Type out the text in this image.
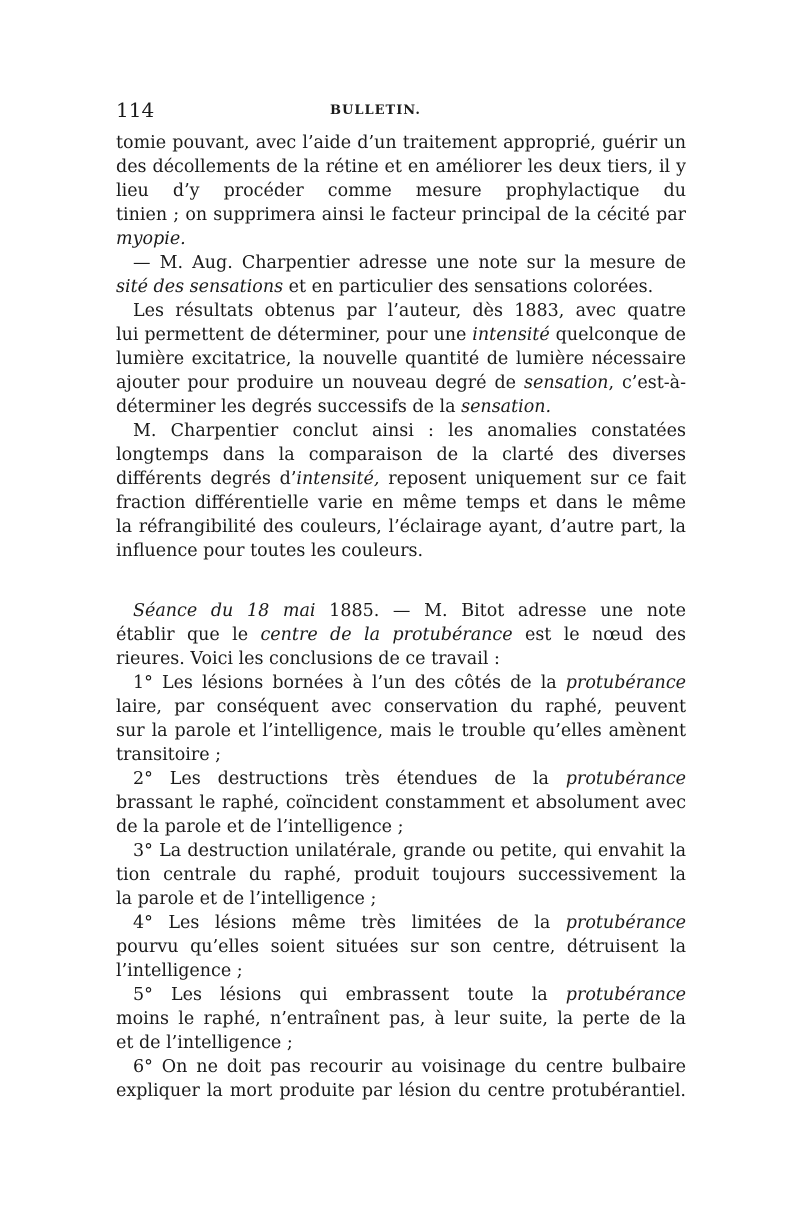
114	BULLETIN.
tomie pouvant, avec l’aide d’un traitement approprié, guérir un
des décollements de la rétine et en améliorer les deux tiers, il y
lieu d’y procéder comme mesure prophylactique du
tinien ; on supprimera ainsi le facteur principal de la cécité par
myopie.
— M. Aug. Charpentier adresse une note sur la mesure de
sité des sensations et en particulier des sensations colorées.
Les résultats obtenus par l’auteur, dès 1883, avec quatre
lui permettent de déterminer, pour une intensité quelconque de
lumière excitatrice, la nouvelle quantité de lumière nécessaire
ajouter pour produire un nouveau degré de sensation, c’est-à-
déterminer les degrés successifs de la sensation.
M. Charpentier conclut ainsi : les anomalies constatées
longtemps dans la comparaison de la clarté des diverses
différents degrés d’intensité, reposent uniquement sur ce fait
fraction différentielle varie en même temps et dans le même
la réfrangibilité des couleurs, l’éclairage ayant, d’autre part, la
influence pour toutes les couleurs.
Séance du 18 mai 1885. — M. Bitot adresse une note
établir que le centre de la protubérance est le nœud des
rieures. Voici les conclusions de ce travail :
1° Les lésions bornées à l’un des côtés de la protubérance
laire, par conséquent avec conservation du raphé, peuvent
sur la parole et l’intelligence, mais le trouble qu’elles amènent
transitoire ;
2° Les destructions très étendues de la protubérance
brassant le raphé, coïncident constamment et absolument avec
de la parole et de l’intelligence ;
3° La destruction unilatérale, grande ou petite, qui envahit la
tion centrale du raphé, produit toujours successivement la
la parole et de l’intelligence ;
4° Les lésions même très limitées de la protubérance
pourvu qu’elles soient situées sur son centre, détruisent la
l’intelligence ;
5° Les lésions qui embrassent toute la protubérance
moins le raphé, n’entraînent pas, à leur suite, la perte de la
et de l’intelligence ;
6° On ne doit pas recourir au voisinage du centre bulbaire
expliquer la mort produite par lésion du centre protubérantiel.
